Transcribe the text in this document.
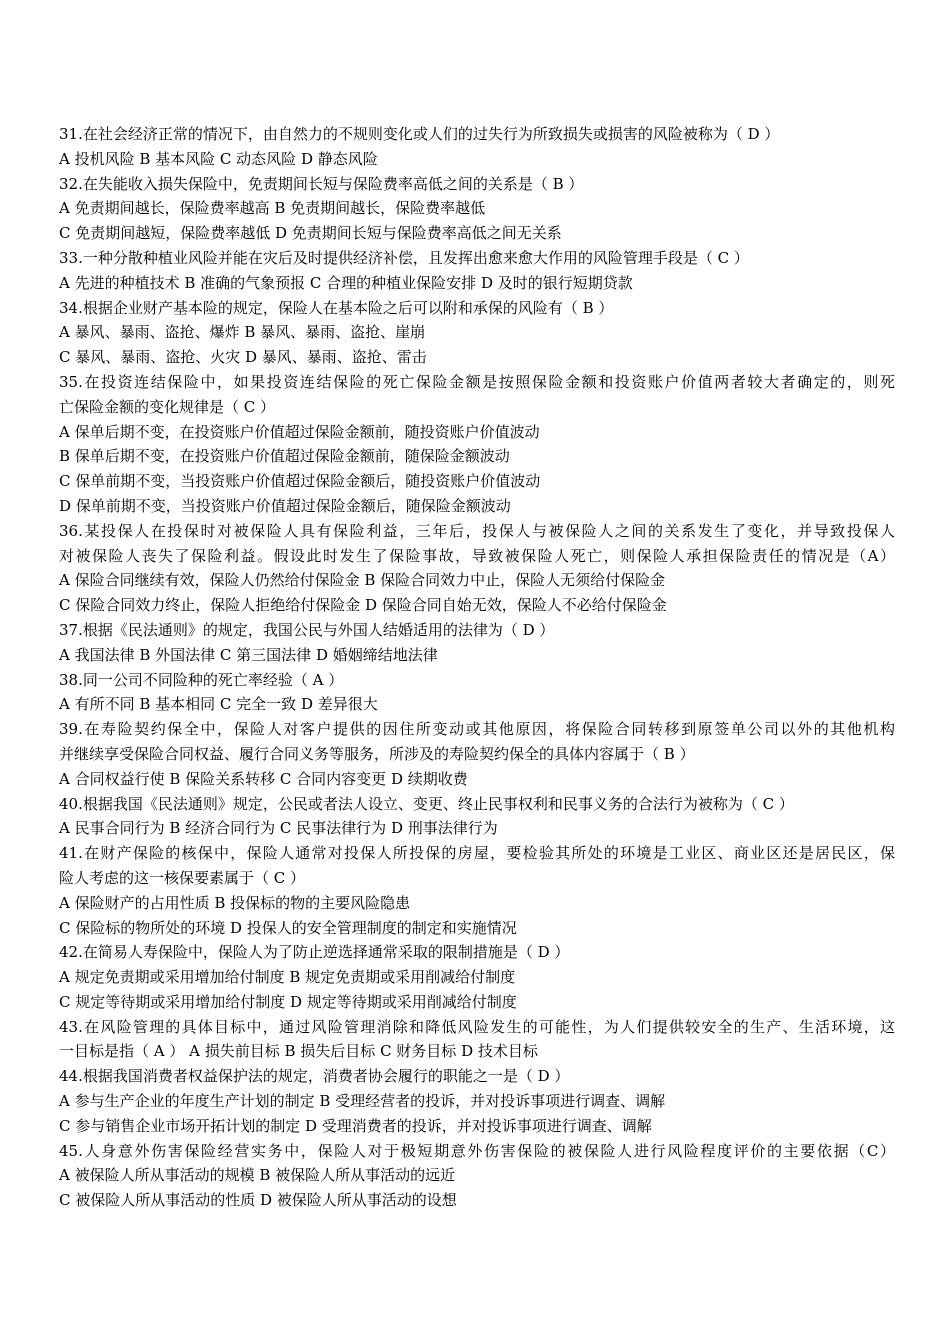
31.在社会经济正常的情况下，由自然力的不规则变化或人们的过失行为所致损失或损害的风险被称为（ D ）
A 投机风险 B 基本风险 C 动态风险 D 静态风险
32.在失能收入损失保险中，免责期间长短与保险费率高低之间的关系是（ B ）
A 免责期间越长，保险费率越高 B 免责期间越长，保险费率越低
C 免责期间越短，保险费率越低 D 免责期间长短与保险费率高低之间无关系
33.一种分散种植业风险并能在灾后及时提供经济补偿，且发挥出愈来愈大作用的风险管理手段是（ C ）
A 先进的种植技术 B 准确的气象预报 C 合理的种植业保险安排 D 及时的银行短期贷款
34.根据企业财产基本险的规定，保险人在基本险之后可以附和承保的风险有（ B ）
A 暴风、暴雨、盗抢、爆炸 B 暴风、暴雨、盗抢、崖崩
C 暴风、暴雨、盗抢、火灾 D 暴风、暴雨、盗抢、雷击
35.在投资连结保险中，如果投资连结保险的死亡保险金额是按照保险金额和投资账户价值两者较大者确定的，则死
亡保险金额的变化规律是（ C ）
A 保单后期不变，在投资账户价值超过保险金额前，随投资账户价值波动
B 保单后期不变，在投资账户价值超过保险金额前，随保险金额波动
C 保单前期不变，当投资账户价值超过保险金额后，随投资账户价值波动
D 保单前期不变，当投资账户价值超过保险金额后，随保险金额波动
36.某投保人在投保时对被保险人具有保险利益，三年后，投保人与被保险人之间的关系发生了变化，并导致投保人
对被保险人丧失了保险利益。假设此时发生了保险事故，导致被保险人死亡，则保险人承担保险责任的情况是（A）
A 保险合同继续有效，保险人仍然给付保险金 B 保险合同效力中止，保险人无须给付保险金
C 保险合同效力终止，保险人拒绝给付保险金 D 保险合同自始无效，保险人不必给付保险金
37.根据《民法通则》的规定，我国公民与外国人结婚适用的法律为（ D ）
A 我国法律 B 外国法律 C 第三国法律 D 婚姻缔结地法律
38.同一公司不同险种的死亡率经验（ A ）
A 有所不同 B 基本相同 C 完全一致 D 差异很大
39.在寿险契约保全中，保险人对客户提供的因住所变动或其他原因，将保险合同转移到原签单公司以外的其他机构
并继续享受保险合同权益、履行合同义务等服务，所涉及的寿险契约保全的具体内容属于（ B ）
A 合同权益行使 B 保险关系转移 C 合同内容变更 D 续期收费
40.根据我国《民法通则》规定，公民或者法人设立、变更、终止民事权利和民事义务的合法行为被称为（ C ）
A 民事合同行为 B 经济合同行为 C 民事法律行为 D 刑事法律行为
41.在财产保险的核保中，保险人通常对投保人所投保的房屋，要检验其所处的环境是工业区、商业区还是居民区，保
险人考虑的这一核保要素属于（ C ）
A 保险财产的占用性质 B 投保标的物的主要风险隐患
C 保险标的物所处的环境 D 投保人的安全管理制度的制定和实施情况
42.在简易人寿保险中，保险人为了防止逆选择通常采取的限制措施是（ D ）
A 规定免责期或采用增加给付制度 B 规定免责期或采用削减给付制度
C 规定等待期或采用增加给付制度 D 规定等待期或采用削减给付制度
43.在风险管理的具体目标中，通过风险管理消除和降低风险发生的可能性，为人们提供较安全的生产、生活环境，这
一目标是指（ A ） A 损失前目标 B 损失后目标 C 财务目标 D 技术目标
44.根据我国消费者权益保护法的规定，消费者协会履行的职能之一是（ D ）
A 参与生产企业的年度生产计划的制定 B 受理经营者的投诉，并对投诉事项进行调查、调解
C 参与销售企业市场开拓计划的制定 D 受理消费者的投诉，并对投诉事项进行调查、调解
45.人身意外伤害保险经营实务中，保险人对于极短期意外伤害保险的被保险人进行风险程度评价的主要依据（C）
A 被保险人所从事活动的规模 B 被保险人所从事活动的远近
C 被保险人所从事活动的性质 D 被保险人所从事活动的设想
